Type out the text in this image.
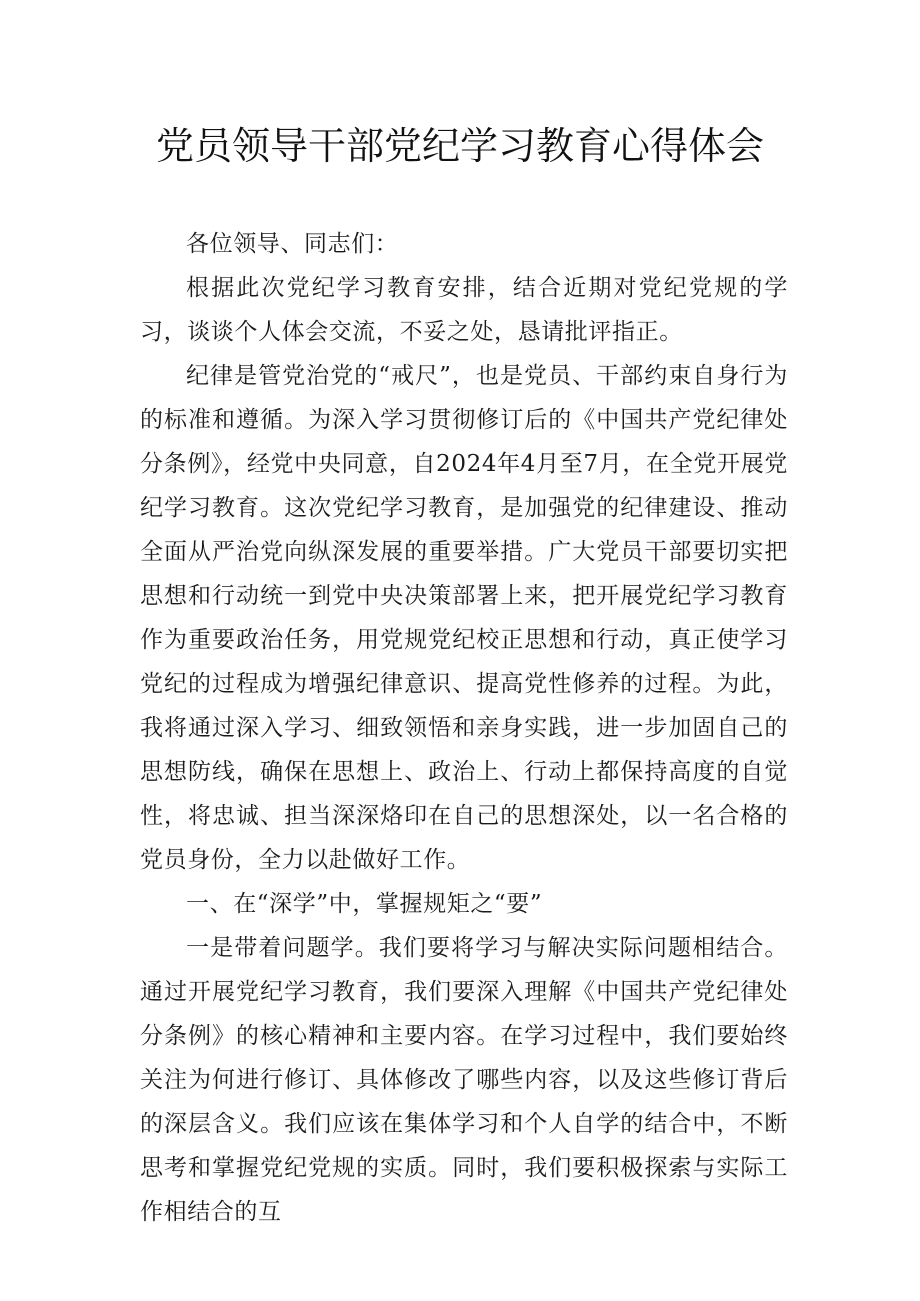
党员领导干部党纪学习教育心得体会

各位领导、同志们：

根据此次党纪学习教育安排，结合近期对党纪党规的学习，谈谈个人体会交流，不妥之处，恳请批评指正。

纪律是管党治党的“戒尺”，也是党员、干部约束自身行为的标准和遵循。为深入学习贯彻修订后的《中国共产党纪律处分条例》，经党中央同意，自2024年4月至7月，在全党开展党纪学习教育。这次党纪学习教育，是加强党的纪律建设、推动全面从严治党向纵深发展的重要举措。广大党员干部要切实把思想和行动统一到党中央决策部署上来，把开展党纪学习教育作为重要政治任务，用党规党纪校正思想和行动，真正使学习党纪的过程成为增强纪律意识、提高党性修养的过程。为此，我将通过深入学习、细致领悟和亲身实践，进一步加固自己的思想防线，确保在思想上、政治上、行动上都保持高度的自觉性，将忠诚、担当深深烙印在自己的思想深处，以一名合格的党员身份，全力以赴做好工作。

一、在“深学”中，掌握规矩之“要”

一是带着问题学。我们要将学习与解决实际问题相结合。通过开展党纪学习教育，我们要深入理解《中国共产党纪律处分条例》的核心精神和主要内容。在学习过程中，我们要始终关注为何进行修订、具体修改了哪些内容，以及这些修订背后的深层含义。我们应该在集体学习和个人自学的结合中，不断思考和掌握党纪党规的实质。同时，我们要积极探索与实际工作相结合的互
